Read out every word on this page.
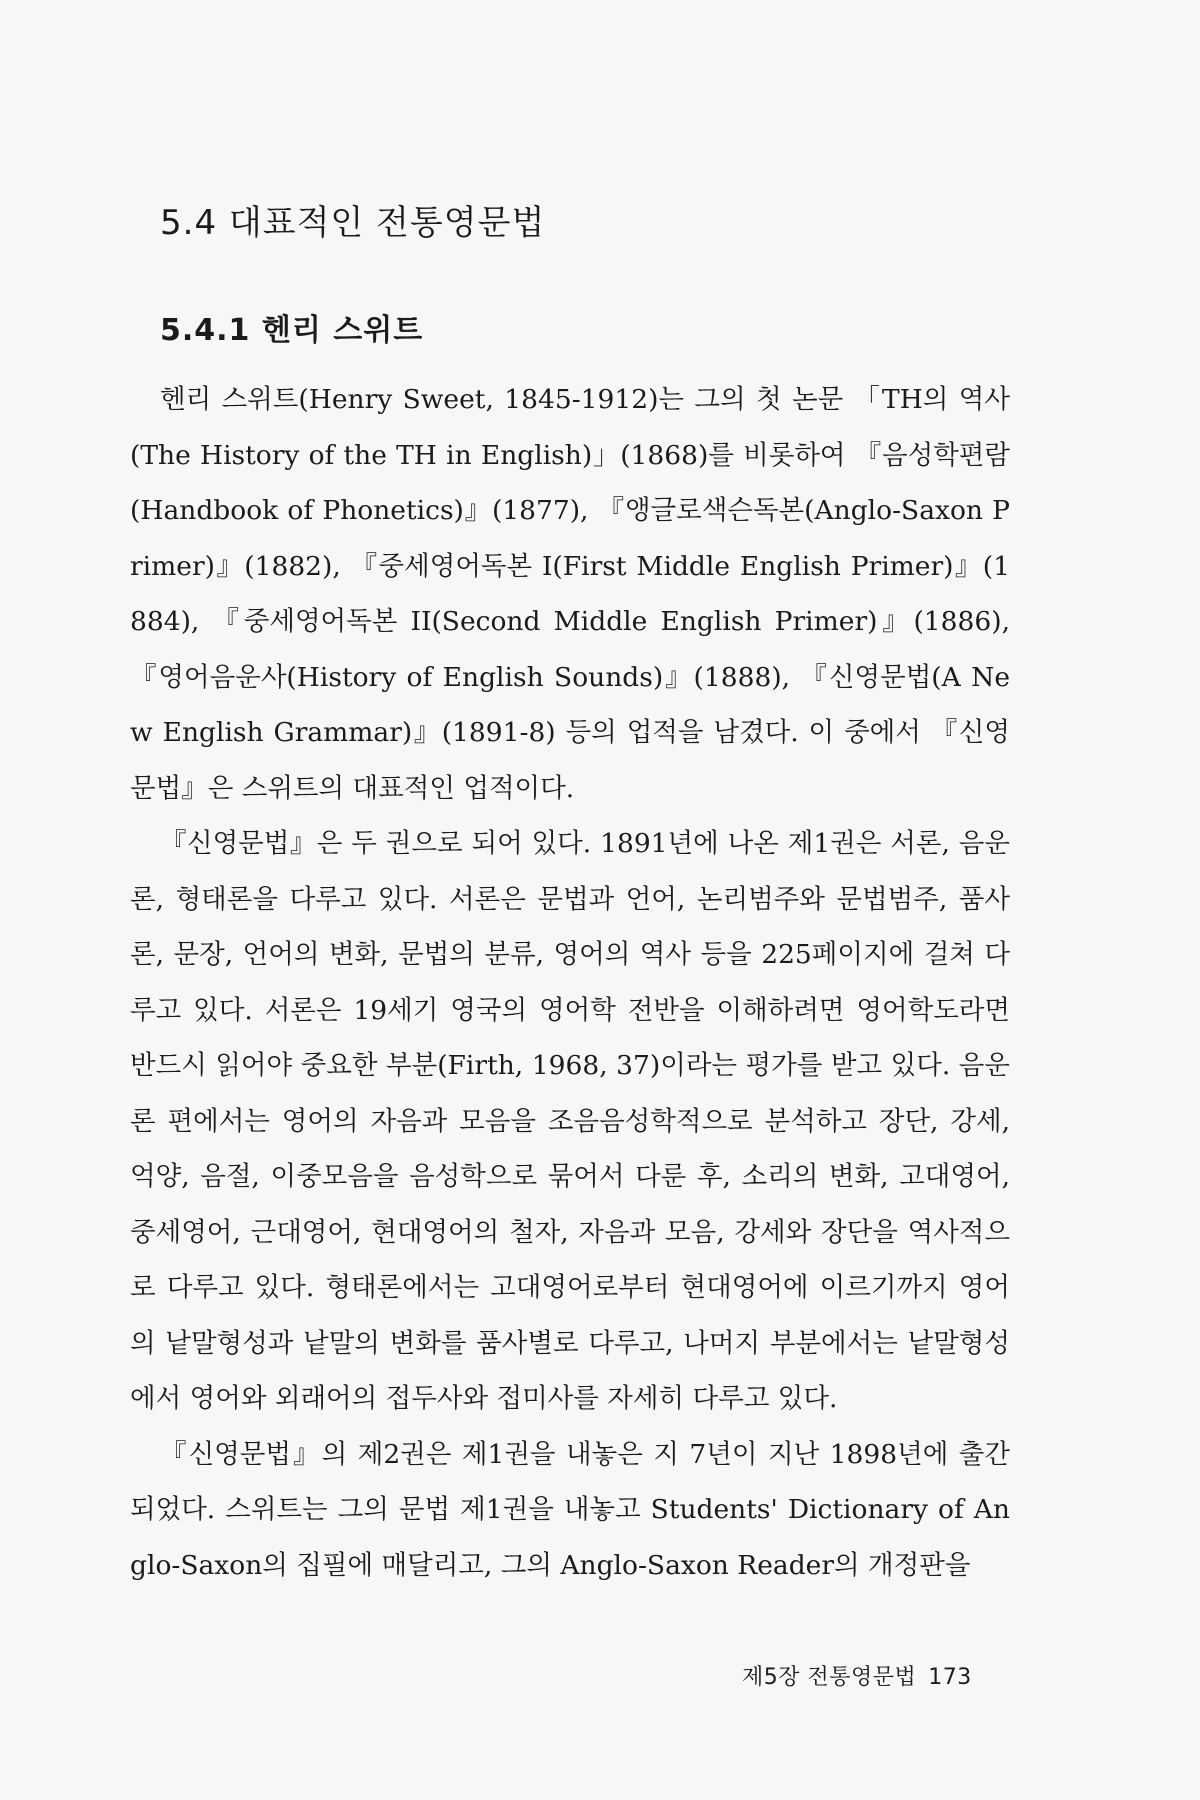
5.4 대표적인 전통영문법
5.4.1 헨리 스위트

헨리 스위트(Henry Sweet, 1845-1912)는 그의 첫 논문 「TH의 역사(The History of the TH in English)」(1868)를 비롯하여 『음성학편람(Handbook of Phonetics)』(1877), 『앵글로색슨독본(Anglo-Saxon Primer)』(1882), 『중세영어독본 I(First Middle English Primer)』(1884), 『중세영어독본 II(Second Middle English Primer)』(1886), 『영어음운사(History of English Sounds)』(1888), 『신영문법(A New English Grammar)』(1891-8) 등의 업적을 남겼다. 이 중에서 『신영문법』은 스위트의 대표적인 업적이다.

『신영문법』은 두 권으로 되어 있다. 1891년에 나온 제1권은 서론, 음운론, 형태론을 다루고 있다. 서론은 문법과 언어, 논리범주와 문법범주, 품사론, 문장, 언어의 변화, 문법의 분류, 영어의 역사 등을 225페이지에 걸쳐 다루고 있다. 서론은 19세기 영국의 영어학 전반을 이해하려면 영어학도라면 반드시 읽어야 중요한 부분(Firth, 1968, 37)이라는 평가를 받고 있다. 음운론 편에서는 영어의 자음과 모음을 조음음성학적으로 분석하고 장단, 강세, 억양, 음절, 이중모음을 음성학으로 묶어서 다룬 후, 소리의 변화, 고대영어, 중세영어, 근대영어, 현대영어의 철자, 자음과 모음, 강세와 장단을 역사적으로 다루고 있다. 형태론에서는 고대영어로부터 현대영어에 이르기까지 영어의 낱말형성과 낱말의 변화를 품사별로 다루고, 나머지 부분에서는 낱말형성에서 영어와 외래어의 접두사와 접미사를 자세히 다루고 있다.

『신영문법』의 제2권은 제1권을 내놓은 지 7년이 지난 1898년에 출간되었다. 스위트는 그의 문법 제1권을 내놓고 Students' Dictionary of Anglo-Saxon의 집필에 매달리고, 그의 Anglo-Saxon Reader의 개정판을

제5장 전통영문법 173
